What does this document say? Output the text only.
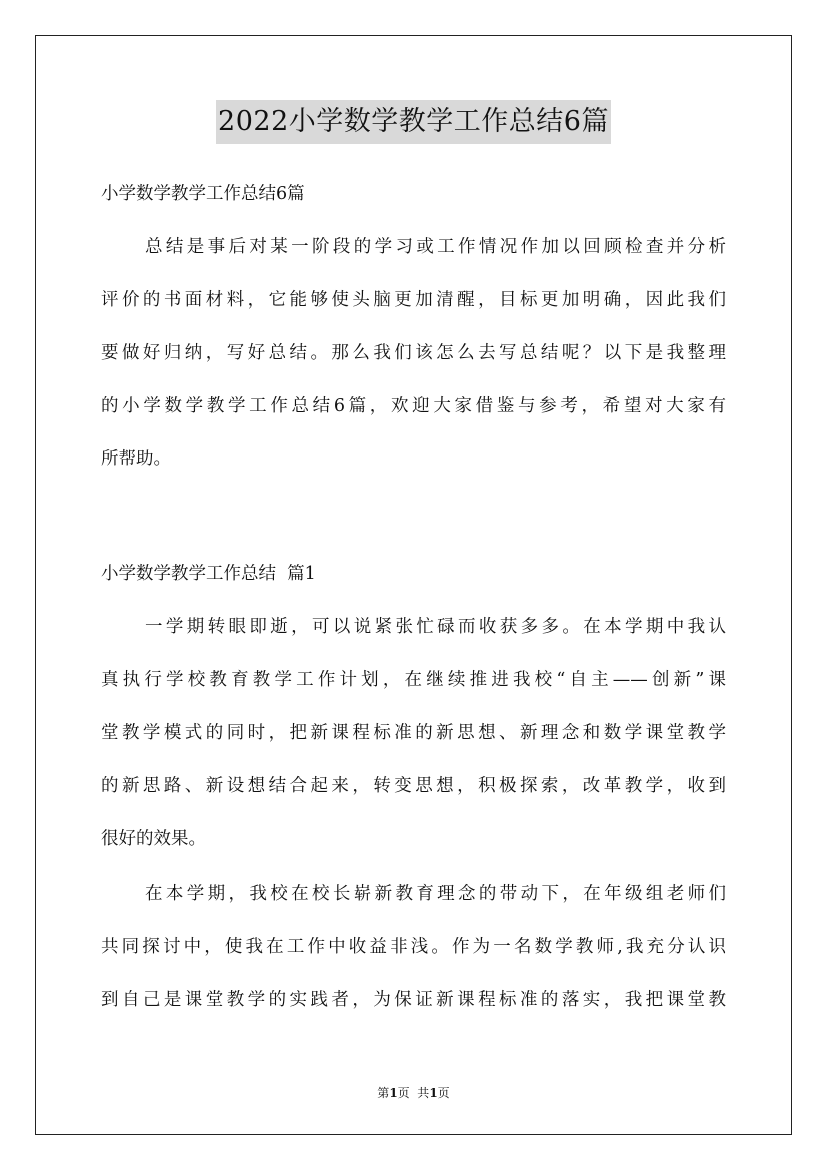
2022小学数学教学工作总结6篇
小学数学教学工作总结6篇
总结是事后对某一阶段的学习或工作情况作加以回顾检查并分析
评价的书面材料，它能够使头脑更加清醒，目标更加明确，因此我们
要做好归纳，写好总结。那么我们该怎么去写总结呢？以下是我整理
的小学数学教学工作总结6篇，欢迎大家借鉴与参考，希望对大家有
所帮助。
小学数学教学工作总结  篇1
一学期转眼即逝，可以说紧张忙碌而收获多多。在本学期中我认
真执行学校教育教学工作计划，在继续推进我校“自主——创新”课
堂教学模式的同时，把新课程标准的新思想、新理念和数学课堂教学
的新思路、新设想结合起来，转变思想，积极探索，改革教学，收到
很好的效果。
在本学期，我校在校长崭新教育理念的带动下，在年级组老师们
共同探讨中，使我在工作中收益非浅。作为一名数学教师,我充分认识
到自己是课堂教学的实践者，为保证新课程标准的落实，我把课堂教
第1页  共1页
